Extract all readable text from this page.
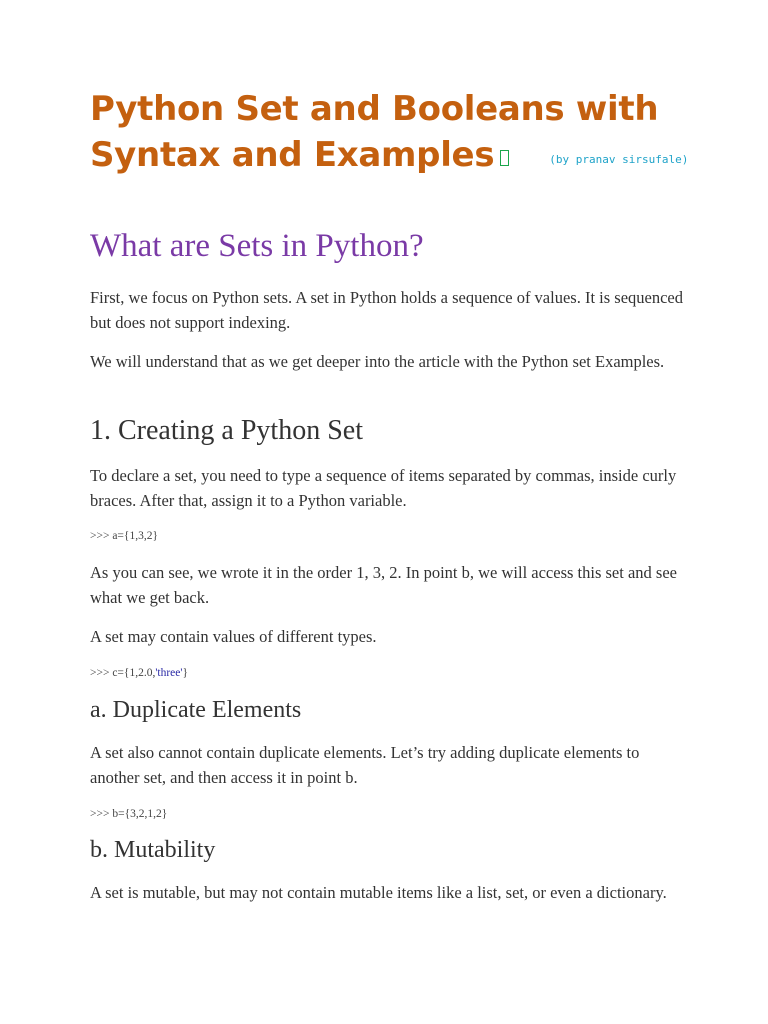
Python Set and Booleans with
Syntax and Examples	(by pranav sirsufale)
What are Sets in Python?

First, we focus on Python sets. A set in Python holds a sequence of values. It is sequenced but does not support indexing.

We will understand that as we get deeper into the article with the Python set Examples.

1. Creating a Python Set

To declare a set, you need to type a sequence of items separated by commas, inside curly braces. After that, assign it to a Python variable.

>>> a={1,3,2}

As you can see, we wrote it in the order 1, 3, 2. In point b, we will access this set and see what we get back.

A set may contain values of different types.

>>> c={1,2.0,'three'}

a. Duplicate Elements

A set also cannot contain duplicate elements. Let’s try adding duplicate elements to another set, and then access it in point b.

>>> b={3,2,1,2}

b. Mutability

A set is mutable, but may not contain mutable items like a list, set, or even a dictionary.
